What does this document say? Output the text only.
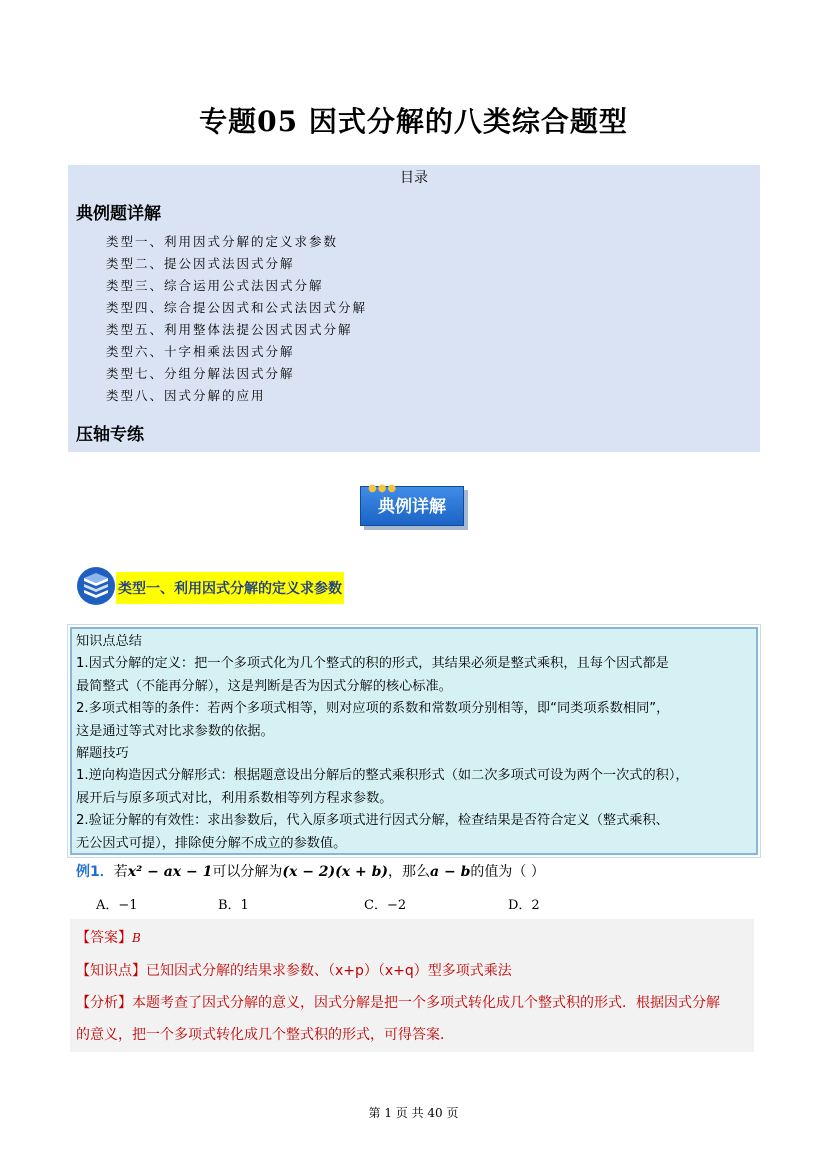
专题05 因式分解的八类综合题型
目录
典例题详解
类型一、利用因式分解的定义求参数
类型二、提公因式法因式分解
类型三、综合运用公式法因式分解
类型四、综合提公因式和公式法因式分解
类型五、利用整体法提公因式因式分解
类型六、十字相乘法因式分解
类型七、分组分解法因式分解
类型八、因式分解的应用
压轴专练
典例详解
●●●
类型一、利用因式分解的定义求参数

知识点总结

1.因式分解的定义：把一个多项式化为几个整式的积的形式，其结果必须是整式乘积，且每个因式都是

最简整式（不能再分解），这是判断是否为因式分解的核心标准。

2.多项式相等的条件：若两个多项式相等，则对应项的系数和常数项分别相等，即“同类项系数相同”，

这是通过等式对比求参数的依据。

解题技巧

1.逆向构造因式分解形式：根据题意设出分解后的整式乘积形式（如二次多项式可设为两个一次式的积），

展开后与原多项式对比，利用系数相等列方程求参数。

2.验证分解的有效性：求出参数后，代入原多项式进行因式分解，检查结果是否符合定义（整式乘积、

无公因式可提），排除使分解不成立的参数值。

例1．若x² − ax − 1可以分解为(x − 2)(x + b)，那么a − b的值为（ ）
A．−1	B．1	C．−2	D．2
【答案】B
【知识点】已知因式分解的结果求参数、（x+p）（x+q）型多项式乘法
【分析】本题考查了因式分解的意义，因式分解是把一个多项式转化成几个整式积的形式．根据因式分解
的意义，把一个多项式转化成几个整式积的形式，可得答案．
第 1 页 共 40 页
